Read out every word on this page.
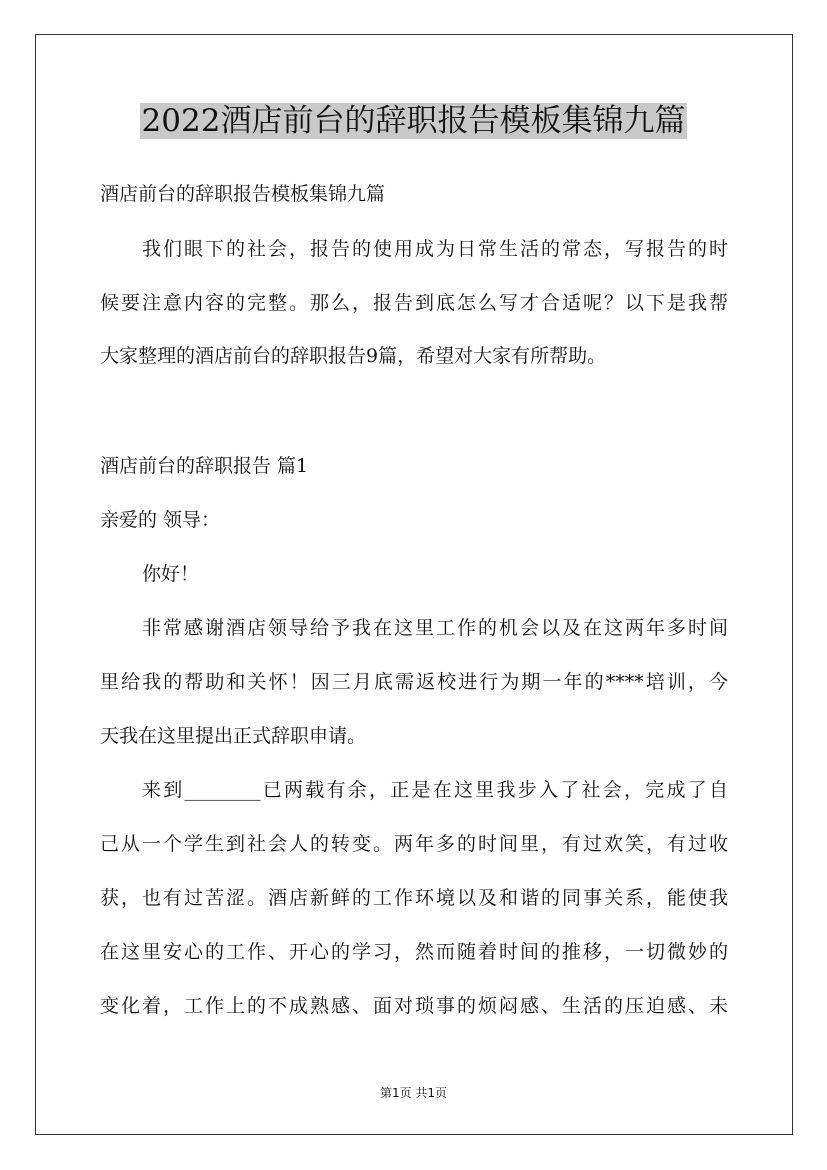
2022酒店前台的辞职报告模板集锦九篇
酒店前台的辞职报告模板集锦九篇
我们眼下的社会，报告的使用成为日常生活的常态，写报告的时
候要注意内容的完整。那么，报告到底怎么写才合适呢？以下是我帮
大家整理的酒店前台的辞职报告9篇，希望对大家有所帮助。
酒店前台的辞职报告 篇1
亲爱的 领导：
你好！
非常感谢酒店领导给予我在这里工作的机会以及在这两年多时间
里给我的帮助和关怀！因三月底需返校进行为期一年的****培训，今
天我在这里提出正式辞职申请。
来到________已两载有余，正是在这里我步入了社会，完成了自
己从一个学生到社会人的转变。两年多的时间里，有过欢笑，有过收
获，也有过苦涩。酒店新鲜的工作环境以及和谐的同事关系，能使我
在这里安心的工作、开心的学习，然而随着时间的推移，一切微妙的
变化着，工作上的不成熟感、面对琐事的烦闷感、生活的压迫感、未
第1页 共1页
